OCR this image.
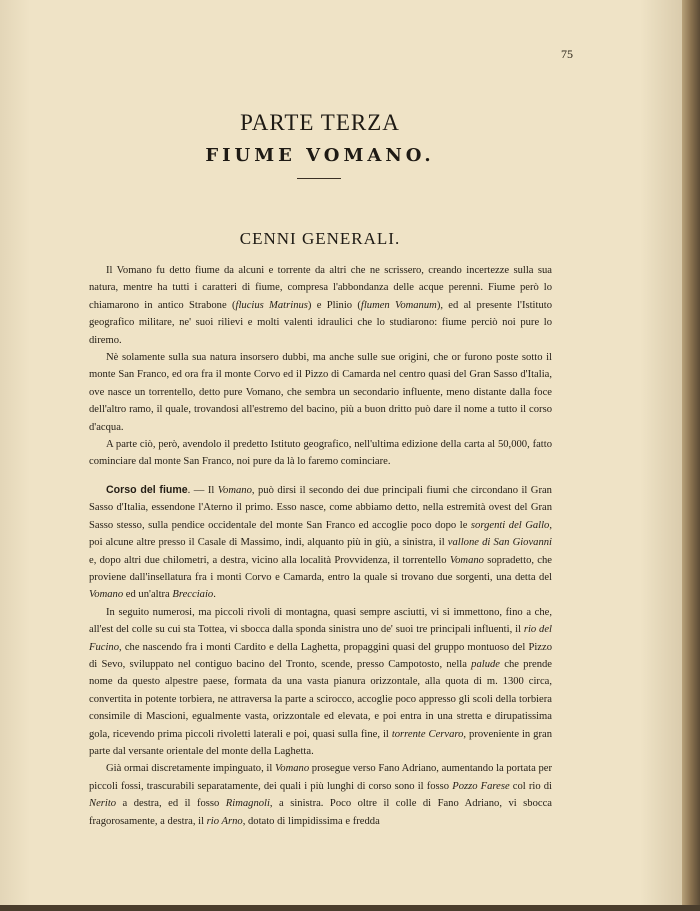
75
PARTE TERZA
FIUME VOMANO.
CENNI GENERALI.

Il Vomano fu detto fiume da alcuni e torrente da altri che ne scrissero, creando incertezze sulla sua natura, mentre ha tutti i caratteri di fiume, compresa l'abbondanza delle acque perenni. Fiume però lo chiamarono in antico Strabone (flucius Matrinus) e Plinio (flumen Vomanum), ed al presente l'Istituto geografico militare, ne' suoi rilievi e molti valenti idraulici che lo studiarono: fiume perciò noi pure lo diremo.

Nè solamente sulla sua natura insorsero dubbi, ma anche sulle sue origini, che or furono poste sotto il monte San Franco, ed ora fra il monte Corvo ed il Pizzo di Camarda nel centro quasi del Gran Sasso d'Italia, ove nasce un torrentello, detto pure Vomano, che sembra un secondario influente, meno distante dalla foce dell'altro ramo, il quale, trovandosi all'estremo del bacino, più a buon dritto può dare il nome a tutto il corso d'acqua.

A parte ciò, però, avendolo il predetto Istituto geografico, nell'ultima edizione della carta al 50,000, fatto cominciare dal monte San Franco, noi pure da là lo faremo cominciare.

Corso del fiume. — Il Vomano, può dirsi il secondo dei due principali fiumi che circondano il Gran Sasso d'Italia, essendone l'Aterno il primo. Esso nasce, come abbiamo detto, nella estremità ovest del Gran Sasso stesso, sulla pendice occidentale del monte San Franco ed accoglie poco dopo le sorgenti del Gallo, poi alcune altre presso il Casale di Massimo, indi, alquanto più in giù, a sinistra, il vallone di San Giovanni e, dopo altri due chilometri, a destra, vicino alla località Provvidenza, il torrentello Vomano sopradetto, che proviene dall'insellatura fra i monti Corvo e Camarda, entro la quale si trovano due sorgenti, una detta del Vomano ed un'altra Brecciaio.

In seguito numerosi, ma piccoli rivoli di montagna, quasi sempre asciutti, vi si immettono, fino a che, all'est del colle su cui sta Tottea, vi sbocca dalla sponda sinistra uno de' suoi tre principali influenti, il rio del Fucino, che nascendo fra i monti Cardito e della Laghetta, propaggini quasi del gruppo montuoso del Pizzo di Sevo, sviluppato nel contiguo bacino del Tronto, scende, presso Campotosto, nella palude che prende nome da questo alpestre paese, formata da una vasta pianura orizzontale, alla quota di m. 1300 circa, convertita in potente torbiera, ne attraversa la parte a scirocco, accoglie poco appresso gli scoli della torbiera consimile di Mascioni, egualmente vasta, orizzontale ed elevata, e poi entra in una stretta e dirupatissima gola, ricevendo prima piccoli rivoletti laterali e poi, quasi sulla fine, il torrente Cervaro, proveniente in gran parte dal versante orientale del monte della Laghetta.

Già ormai discretamente impinguato, il Vomano prosegue verso Fano Adriano, aumentando la portata per piccoli fossi, trascurabili separatamente, dei quali i più lunghi di corso sono il fosso Pozzo Farese col rio di Nerito a destra, ed il fosso Rimagnoli, a sinistra. Poco oltre il colle di Fano Adriano, vi sbocca fragorosamente, a destra, il rio Arno, dotato di limpidissima e fredda
